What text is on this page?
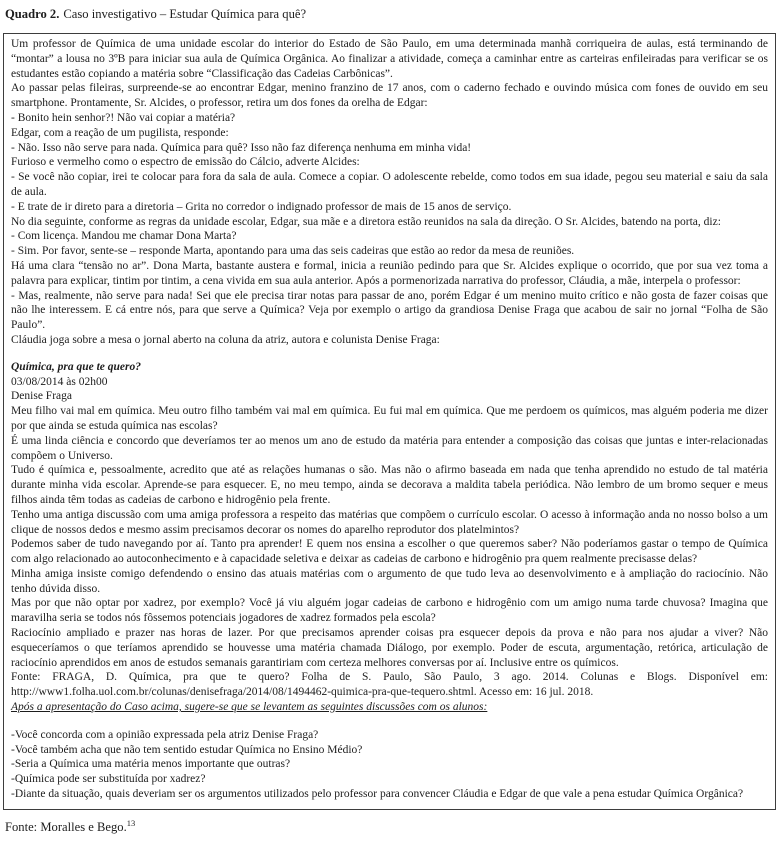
Quadro 2. Caso investigativo – Estudar Química para quê?

Um professor de Química de uma unidade escolar do interior do Estado de São Paulo, em uma determinada manhã corriqueira de aulas, está terminando de “montar” a lousa no 3ºB para iniciar sua aula de Química Orgânica. Ao finalizar a atividade, começa a caminhar entre as carteiras enfileiradas para verificar se os estudantes estão copiando a matéria sobre “Classificação das Cadeias Carbônicas”.

Ao passar pelas fileiras, surpreende-se ao encontrar Edgar, menino franzino de 17 anos, com o caderno fechado e ouvindo música com fones de ouvido em seu smartphone. Prontamente, Sr. Alcides, o professor, retira um dos fones da orelha de Edgar:

- Bonito hein senhor?! Não vai copiar a matéria?

Edgar, com a reação de um pugilista, responde:

- Não. Isso não serve para nada. Química para quê? Isso não faz diferença nenhuma em minha vida!

Furioso e vermelho como o espectro de emissão do Cálcio, adverte Alcides:

- Se você não copiar, irei te colocar para fora da sala de aula. Comece a copiar. O adolescente rebelde, como todos em sua idade, pegou seu material e saiu da sala de aula.

- E trate de ir direto para a diretoria – Grita no corredor o indignado professor de mais de 15 anos de serviço.

No dia seguinte, conforme as regras da unidade escolar, Edgar, sua mãe e a diretora estão reunidos na sala da direção. O Sr. Alcides, batendo na porta, diz:

- Com licença. Mandou me chamar Dona Marta?

- Sim. Por favor, sente-se – responde Marta, apontando para uma das seis cadeiras que estão ao redor da mesa de reuniões.

Há uma clara “tensão no ar”. Dona Marta, bastante austera e formal, inicia a reunião pedindo para que Sr. Alcides explique o ocorrido, que por sua vez toma a palavra para explicar, tintim por tintim, a cena vivida em sua aula anterior. Após a pormenorizada narrativa do professor, Cláudia, a mãe, interpela o professor:

- Mas, realmente, não serve para nada! Sei que ele precisa tirar notas para passar de ano, porém Edgar é um menino muito crítico e não gosta de fazer coisas que não lhe interessem. E cá entre nós, para que serve a Química? Veja por exemplo o artigo da grandiosa Denise Fraga que acabou de sair no jornal “Folha de São Paulo”.

Cláudia joga sobre a mesa o jornal aberto na coluna da atriz, autora e colunista Denise Fraga:

Química, pra que te quero?

03/08/2014 às 02h00

Denise Fraga

Meu filho vai mal em química. Meu outro filho também vai mal em química. Eu fui mal em química. Que me perdoem os químicos, mas alguém poderia me dizer por que ainda se estuda química nas escolas?

É uma linda ciência e concordo que deveríamos ter ao menos um ano de estudo da matéria para entender a composição das coisas que juntas e inter-relacionadas compõem o Universo.

Tudo é química e, pessoalmente, acredito que até as relações humanas o são. Mas não o afirmo baseada em nada que tenha aprendido no estudo de tal matéria durante minha vida escolar. Aprende-se para esquecer. E, no meu tempo, ainda se decorava a maldita tabela periódica. Não lembro de um bromo sequer e meus filhos ainda têm todas as cadeias de carbono e hidrogênio pela frente.

Tenho uma antiga discussão com uma amiga professora a respeito das matérias que compõem o currículo escolar. O acesso à informação anda no nosso bolso a um clique de nossos dedos e mesmo assim precisamos decorar os nomes do aparelho reprodutor dos platelmintos?

Podemos saber de tudo navegando por aí. Tanto pra aprender! E quem nos ensina a escolher o que queremos saber? Não poderíamos gastar o tempo de Química com algo relacionado ao autoconhecimento e à capacidade seletiva e deixar as cadeias de carbono e hidrogênio pra quem realmente precisasse delas?

Minha amiga insiste comigo defendendo o ensino das atuais matérias com o argumento de que tudo leva ao desenvolvimento e à ampliação do raciocínio. Não tenho dúvida disso.

Mas por que não optar por xadrez, por exemplo? Você já viu alguém jogar cadeias de carbono e hidrogênio com um amigo numa tarde chuvosa? Imagina que maravilha seria se todos nós fôssemos potenciais jogadores de xadrez formados pela escola?

Raciocínio ampliado e prazer nas horas de lazer. Por que precisamos aprender coisas pra esquecer depois da prova e não para nos ajudar a viver? Não esqueceríamos o que teríamos aprendido se houvesse uma matéria chamada Diálogo, por exemplo. Poder de escuta, argumentação, retórica, articulação de raciocínio aprendidos em anos de estudos semanais garantiriam com certeza melhores conversas por aí. Inclusive entre os químicos.

Fonte: FRAGA, D. Química, pra que te quero? Folha de S. Paulo, São Paulo, 3 ago. 2014. Colunas e Blogs. Disponível em: http://www1.folha.uol.com.br/colunas/denisefraga/2014/08/1494462-quimica-pra-que-tequero.shtml. Acesso em: 16 jul. 2018.

Após a apresentação do Caso acima, sugere-se que se levantem as seguintes discussões com os alunos:

-Você concorda com a opinião expressada pela atriz Denise Fraga?

-Você também acha que não tem sentido estudar Química no Ensino Médio?

-Seria a Química uma matéria menos importante que outras?

-Química pode ser substituída por xadrez?

-Diante da situação, quais deveriam ser os argumentos utilizados pelo professor para convencer Cláudia e Edgar de que vale a pena estudar Química Orgânica?

Fonte: Moralles e Bego.$^{13}$
